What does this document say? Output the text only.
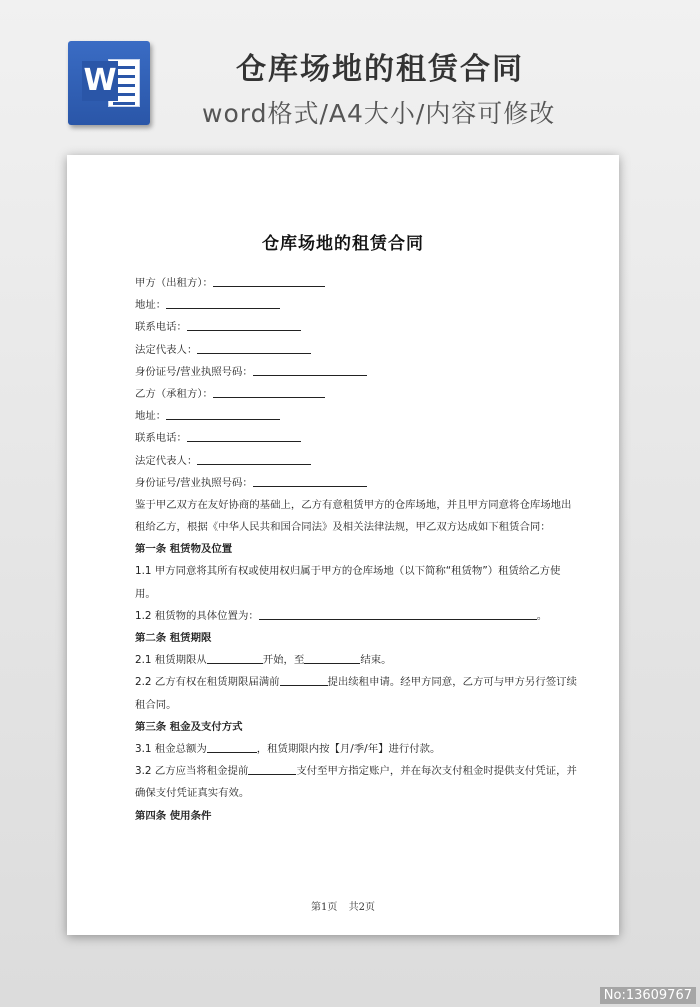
W	仓库场地的租赁合同
word格式/A4大小/内容可修改
仓库场地的租赁合同
甲方（出租方）：
地址：
联系电话：
法定代表人：
身份证号/营业执照号码：
乙方（承租方）：
地址：
联系电话：
法定代表人：
身份证号/营业执照号码：

鉴于甲乙双方在友好协商的基础上，乙方有意租赁甲方的仓库场地，并且甲方同意将仓库场地出租给乙方，根据《中华人民共和国合同法》及相关法律法规，甲乙双方达成如下租赁合同：

第一条 租赁物及位置

1.1 甲方同意将其所有权或使用权归属于甲方的仓库场地（以下简称“租赁物”）租赁给乙方使用。

1.2 租赁物的具体位置为：	。
第二条 租赁期限
2.1 租赁期限从	开始，至	结束。

2.2 乙方有权在租赁期限届满前	提出续租申请。经甲方同意，乙方可与甲方另行签订续租合同。

第三条 租金及支付方式
3.1 租金总额为	，租赁期限内按【月/季/年】进行付款。

3.2 乙方应当将租金提前	支付至甲方指定账户，并在每次支付租金时提供支付凭证，并确保支付凭证真实有效。

第四条 使用条件
第1页 共2页
No:13609767
